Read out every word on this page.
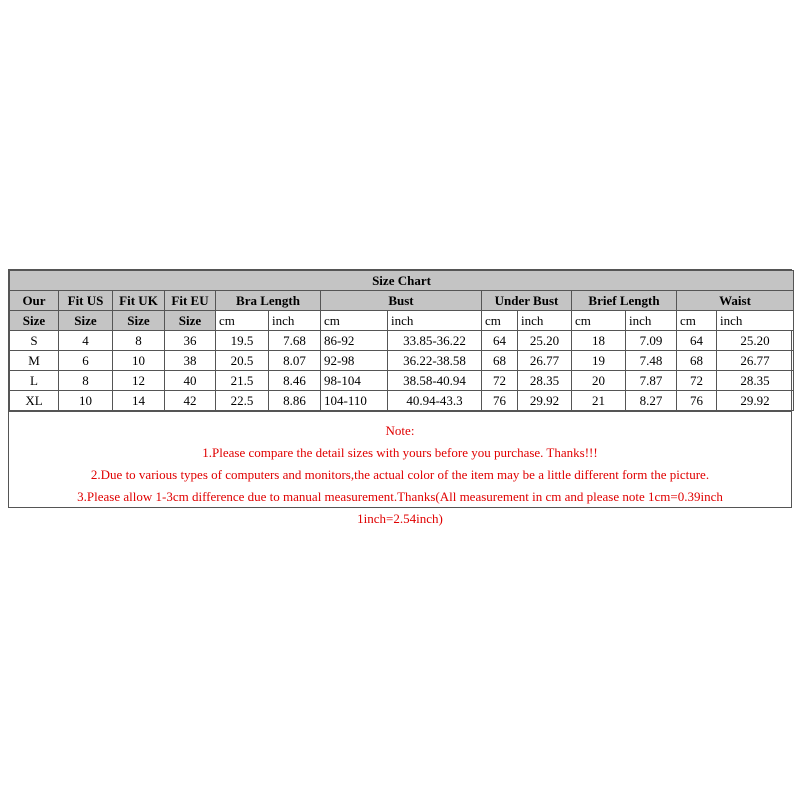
Size Chart													
Our	Fit US	Fit UK	Fit EU	Bra Length		Bust		Under Bust		Brief Length		Waist	
Size	Size	Size	Size	cm	inch	cm	inch	cm	inch	cm	inch	cm	inch
S	4	8	36	19.5	7.68	86-92	33.85-36.22	64	25.20	18	7.09	64	25.20
M	6	10	38	20.5	8.07	92-98	36.22-38.58	68	26.77	19	7.48	68	26.77
L	8	12	40	21.5	8.46	98-104	38.58-40.94	72	28.35	20	7.87	72	28.35
XL	10	14	42	22.5	8.86	104-110	40.94-43.3	76	29.92	21	8.27	76	29.92
Note:
1.Please compare the detail sizes with yours before you purchase. Thanks!!!
2.Due to various types of computers and monitors,the actual color of the item may be a little different form the picture.
3.Please allow 1-3cm difference due to manual measurement.Thanks(All measurement in cm and please note 1cm=0.39inch
1inch=2.54inch)
